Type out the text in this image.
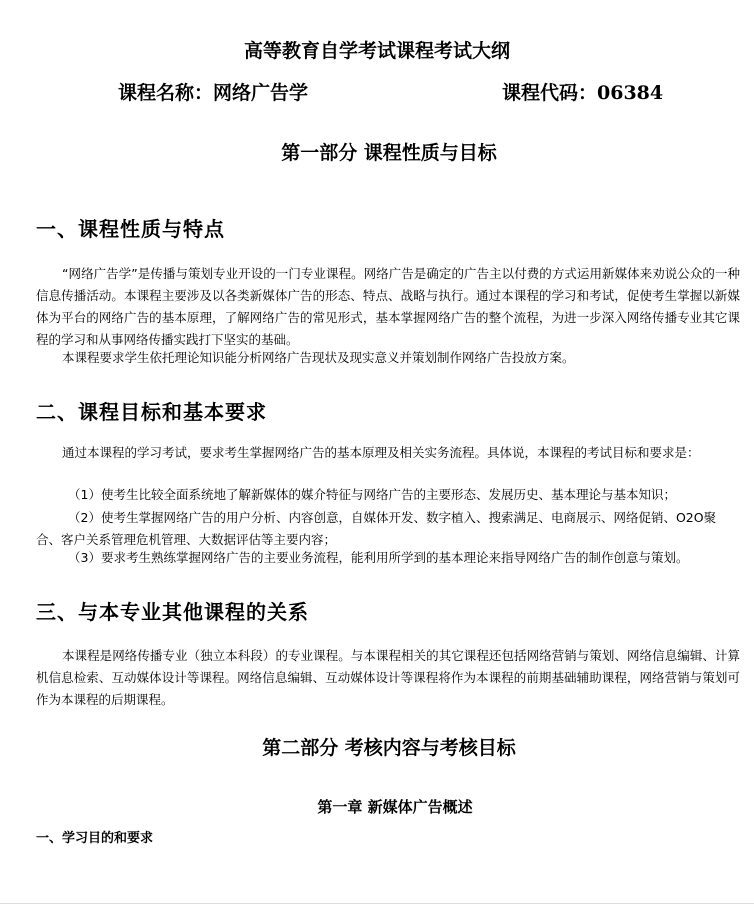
高等教育自学考试课程考试大纲
课程名称：网络广告学	课程代码：06384
第一部分 课程性质与目标
一、课程性质与特点

“网络广告学”是传播与策划专业开设的一门专业课程。网络广告是确定的广告主以付费的方式运用新媒体来劝说公众的一种信息传播活动。本课程主要涉及以各类新媒体广告的形态、特点、战略与执行。通过本课程的学习和考试，促使考生掌握以新媒体为平台的网络广告的基本原理，了解网络广告的常见形式，基本掌握网络广告的整个流程，为进一步深入网络传播专业其它课程的学习和从事网络传播实践打下坚实的基础。

本课程要求学生依托理论知识能分析网络广告现状及现实意义并策划制作网络广告投放方案。

二、课程目标和基本要求

通过本课程的学习考试，要求考生掌握网络广告的基本原理及相关实务流程。具体说，本课程的考试目标和要求是：

（1）使考生比较全面系统地了解新媒体的媒介特征与网络广告的主要形态、发展历史、基本理论与基本知识；

（2）使考生掌握网络广告的用户分析、内容创意，自媒体开发、数字植入、搜索满足、电商展示、网络促销、O2O聚合、客户关系管理危机管理、大数据评估等主要内容；

（3）要求考生熟练掌握网络广告的主要业务流程，能利用所学到的基本理论来指导网络广告的制作创意与策划。

三、与本专业其他课程的关系

本课程是网络传播专业（独立本科段）的专业课程。与本课程相关的其它课程还包括网络营销与策划、网络信息编辑、计算机信息检索、互动媒体设计等课程。网络信息编辑、互动媒体设计等课程将作为本课程的前期基础辅助课程，网络营销与策划可作为本课程的后期课程。

第二部分 考核内容与考核目标
第一章 新媒体广告概述
一、学习目的和要求
